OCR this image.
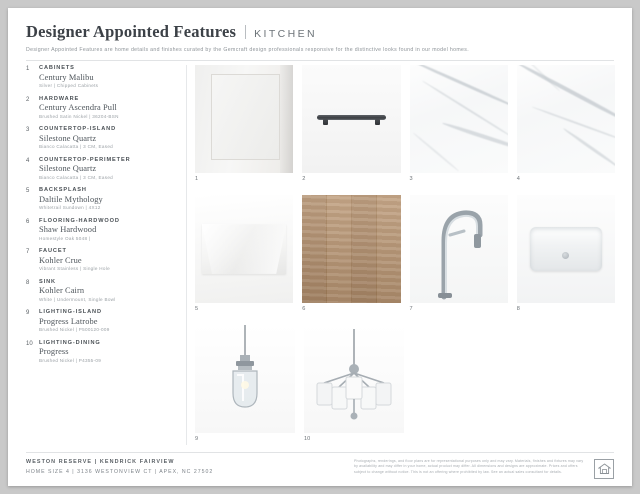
Designer Appointed Features KITCHEN
Designer Appointed Features are home details and finishes curated by the Gemcraft design professionals responsive for the distinctive looks found in our model homes.
1	CABINETS
Century Malibu
Silver | Chipped Cabinets
2	HARDWARE
Century Ascendra Pull
Brushed Satin Nickel | 36204-BSN
3	COUNTERTOP-ISLAND
Silestone Quartz
Bianco Calacatta | 3 CM, Eased
4	COUNTERTOP-PERIMETER
Silestone Quartz
Bianco Calacatta | 3 CM, Eased
5	BACKSPLASH
Daltile Mythology
Whitetrail Sundown | 4X12
6	FLOORING-HARDWOOD
Shaw Hardwood
Homestyle Oak 5048 |
7	FAUCET
Kohler Crue
Vibrant Stainless | Single Hole
8	SINK
Kohler Cairn
White | Undermount, Single Bowl
9	LIGHTING-ISLAND
Progress Latrobe
Brushed Nickel | P500120-009
10	LIGHTING-DINING
Progress
Brushed Nickel | P4355-09
1	2	3	4
5	6	7	8
9	10
WESTON RESERVE | KENDRICK FAIRVIEW
HOME SIZE 4 | 3136 WESTONVIEW CT | APEX, NC 27502
Photographs, renderings, and floor plans are for representational purposes only and may vary. Materials, finishes and fixtures may vary by availability and may differ in your home, actual product may differ. All dimensions and designs are approximate. Prices and offers subject to change without notice. This is not an offering where prohibited by law. See an actual sales consultant for details.
